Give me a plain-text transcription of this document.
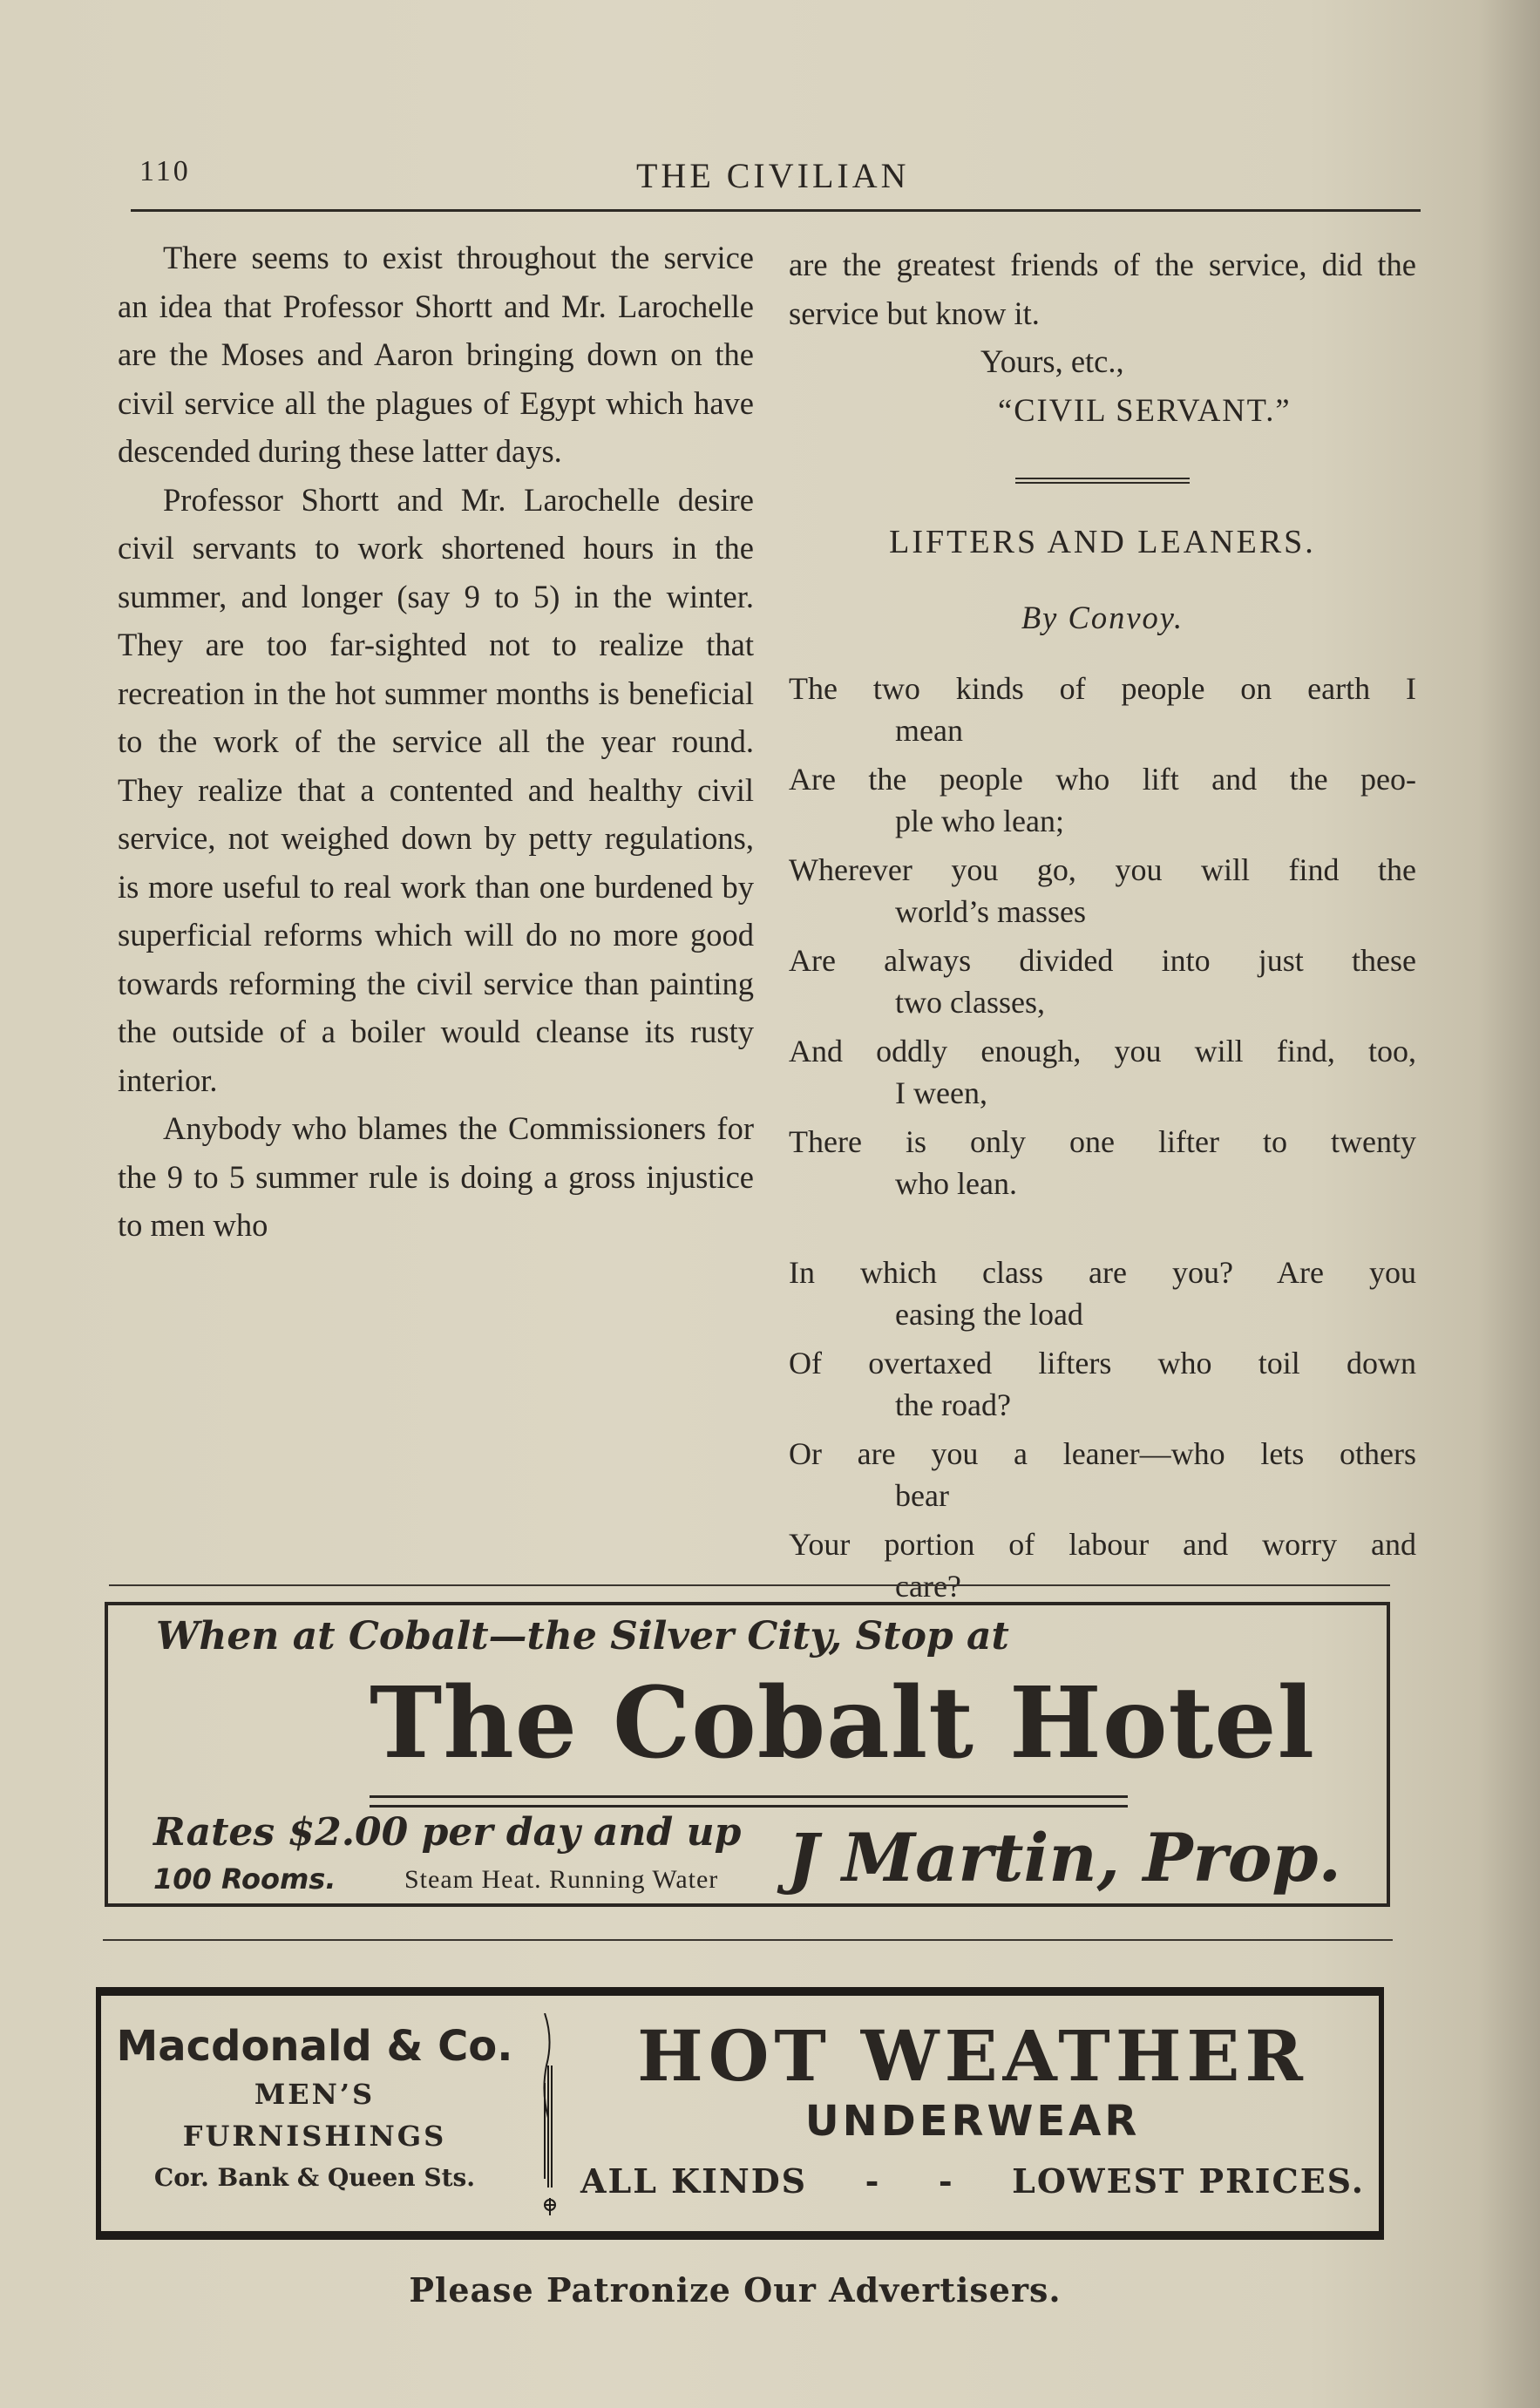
110	THE CIVILIAN

There seems to exist throughout the service an idea that Professor Shortt and Mr. Larochelle are the Moses and Aaron bringing down on the civil service all the plagues of Egypt which have descended during these latter days.

Professor Shortt and Mr. Larochelle desire civil servants to work shortened hours in the summer, and longer (say 9 to 5) in the winter. They are too far-sighted not to realize that recreation in the hot summer months is beneficial to the work of the service all the year round. They realize that a contented and healthy civil service, not weighed down by petty regulations, is more useful to real work than one burdened by superficial reforms which will do no more good towards reforming the civil service than painting the outside of a boiler would cleanse its rusty interior.

Anybody who blames the Commissioners for the 9 to 5 summer rule is doing a gross injustice to men who

are the greatest friends of the service, did the service but know it.

Yours, etc.,
“CIVIL SERVANT.”
LIFTERS AND LEANERS.
By Convoy.
The two kinds of people on earth I
mean
Are the people who lift and the peo-
ple who lean;
Wherever you go, you will find the
world’s masses
Are always divided into just these
two classes,
And oddly enough, you will find, too,
I ween,
There is only one lifter to twenty
who lean.
In which class are you? Are you
easing the load
Of overtaxed lifters who toil down
the road?
Or are you a leaner—who lets others
bear
Your portion of labour and worry and
care?
When at Cobalt—the Silver City, Stop at
The Cobalt Hotel
Rates $2.00 per day and up
100 Rooms.	Steam Heat. Running Water J Martin, Prop.
Macdonald & Co.
MEN’S
FURNISHINGS
Cor. Bank & Queen Sts.
HOT WEATHER
UNDERWEAR
ALL KINDS - - LOWEST PRICES.
Please Patronize Our Advertisers.
